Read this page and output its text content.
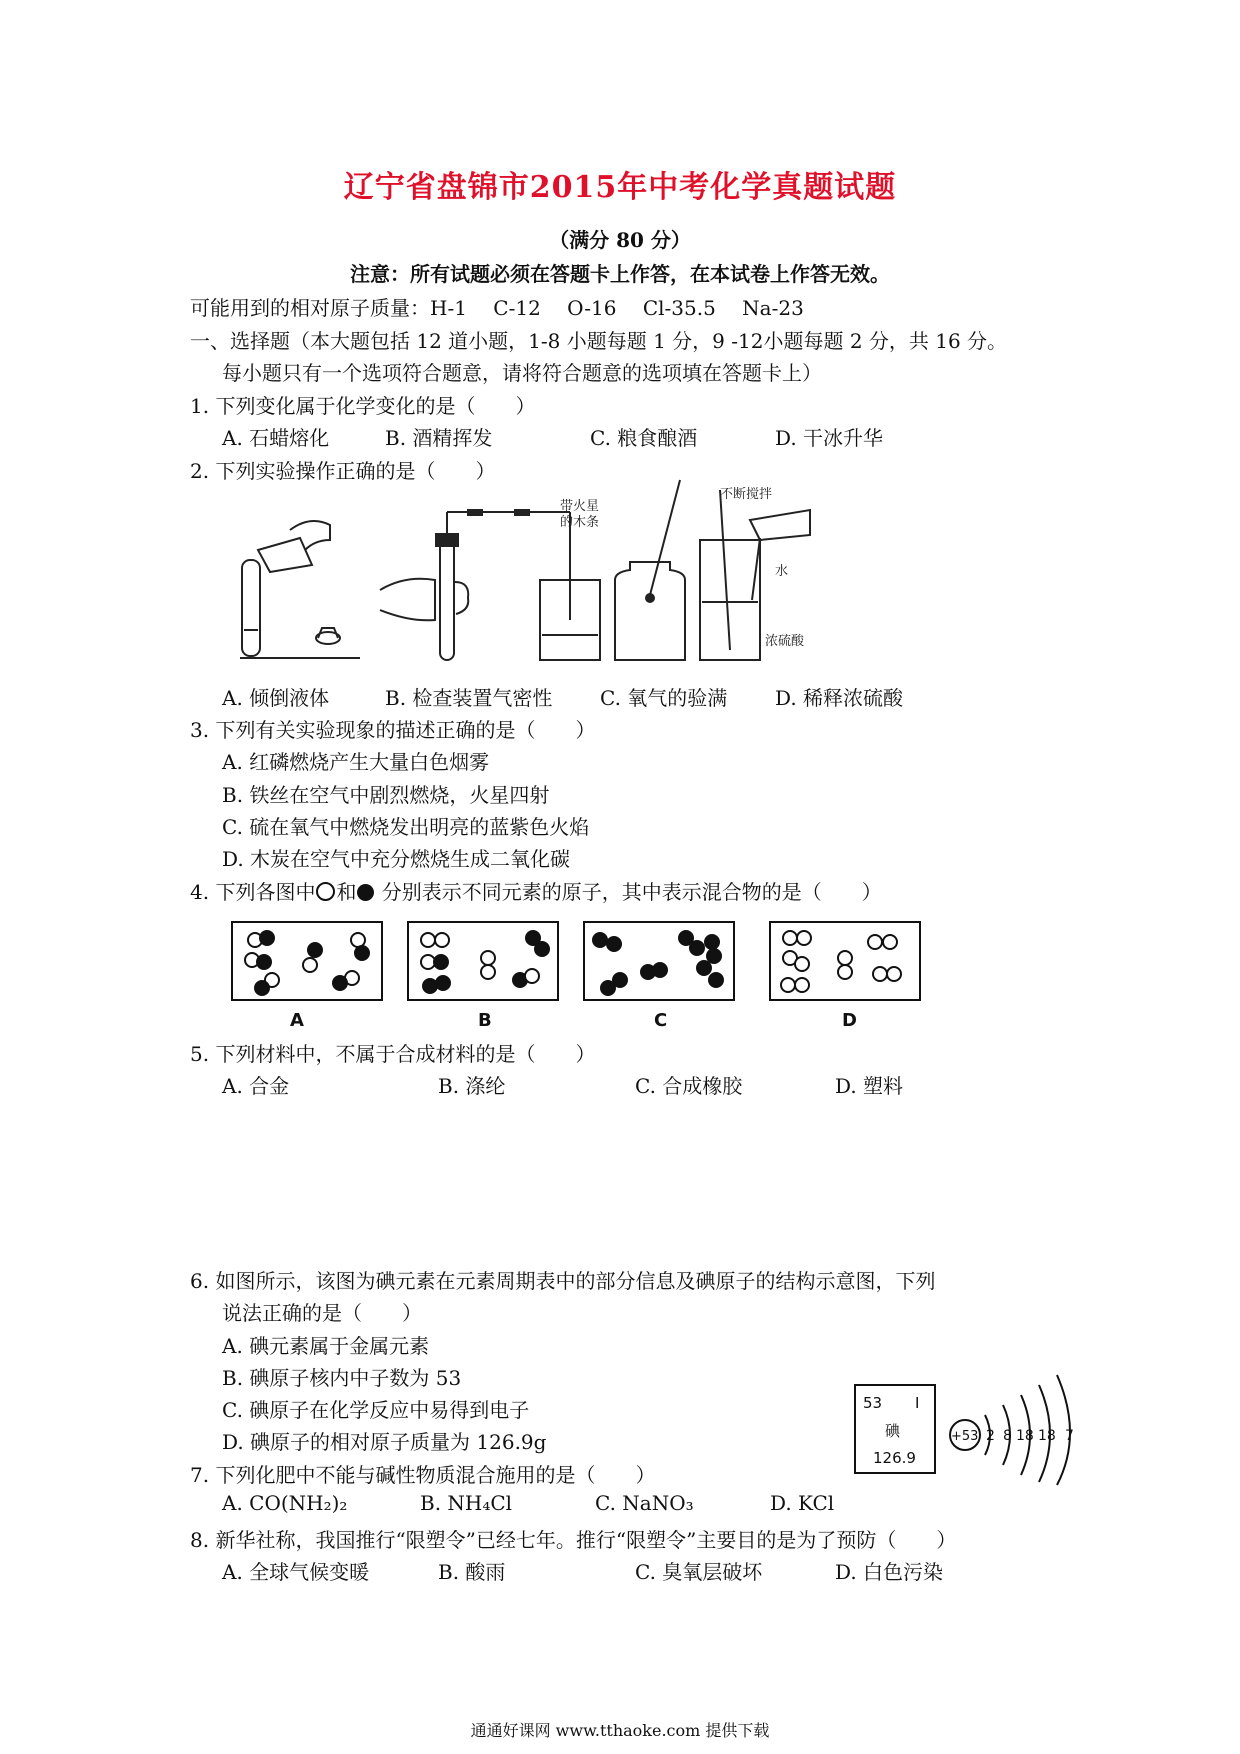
辽宁省盘锦市2015年中考化学真题试题
（满分 80 分）
注意：所有试题必须在答题卡上作答，在本试卷上作答无效。
可能用到的相对原子质量：H-1　 C-12　 O-16　 Cl-35.5　 Na-23
一、选择题（本大题包括 12 道小题，1-8 小题每题 1 分，9 -12小题每题 2 分，共 16 分。
每小题只有一个选项符合题意，请将符合题意的选项填在答题卡上）
1. 下列变化属于化学变化的是（　　）
A. 石蜡熔化	B. 酒精挥发	C. 粮食酿酒	D. 干冰升华
2. 下列实验操作正确的是（　　）
带火星
的木条
不断搅拌
水
浓硫酸
A. 倾倒液体	B. 检查装置气密性 C. 氧气的验满 D. 稀释浓硫酸
3. 下列有关实验现象的描述正确的是（　　）
A. 红磷燃烧产生大量白色烟雾
B. 铁丝在空气中剧烈燃烧，火星四射
C. 硫在氧气中燃烧发出明亮的蓝紫色火焰
D. 木炭在空气中充分燃烧生成二氧化碳
4. 下列各图中 和 分别表示不同元素的原子，其中表示混合物的是（　　）
A	B	C	D
5. 下列材料中，不属于合成材料的是（　　）
A. 合金	B. 涤纶	C. 合成橡胶	D. 塑料
6. 如图所示，该图为碘元素在元素周期表中的部分信息及碘原子的结构示意图，下列
说法正确的是（　　）
A. 碘元素属于金属元素
B. 碘原子核内中子数为 53
C. 碘原子在化学反应中易得到电子
D. 碘原子的相对原子质量为 126.9g
53 I
碘
126.9
+53 2 8 18 18 7
7. 下列化肥中不能与碱性物质混合施用的是（　　）
A. CO(NH₂)₂	B. NH₄Cl	C. NaNO₃	D. KCl
8. 新华社称，我国推行“限塑令”已经七年。推行“限塑令”主要目的是为了预防（　　）
A. 全球气候变暖	B. 酸雨	C. 臭氧层破坏	D. 白色污染
通通好课网 www.tthaoke.com 提供下载
